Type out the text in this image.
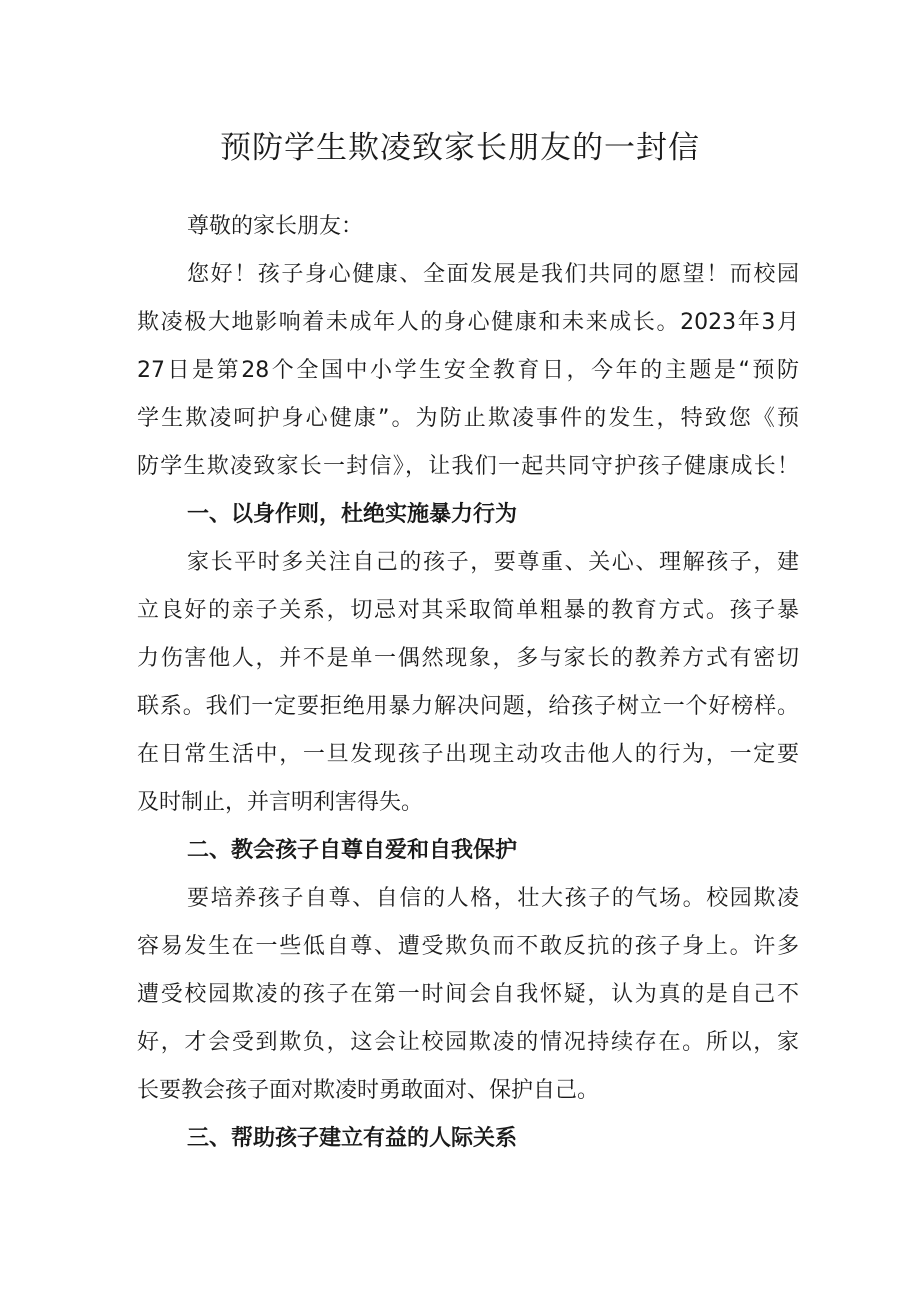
预防学生欺凌致家长朋友的一封信
尊敬的家长朋友：
您好！孩子身心健康、全面发展是我们共同的愿望！而校园
欺凌极大地影响着未成年人的身心健康和未来成长。2023年3月
27日是第28个全国中小学生安全教育日，今年的主题是“预防
学生欺凌呵护身心健康”。为防止欺凌事件的发生，特致您《预
防学生欺凌致家长一封信》，让我们一起共同守护孩子健康成长！
一、以身作则，杜绝实施暴力行为
家长平时多关注自己的孩子，要尊重、关心、理解孩子，建
立良好的亲子关系，切忌对其采取简单粗暴的教育方式。孩子暴
力伤害他人，并不是单一偶然现象，多与家长的教养方式有密切
联系。我们一定要拒绝用暴力解决问题，给孩子树立一个好榜样。
在日常生活中，一旦发现孩子出现主动攻击他人的行为，一定要
及时制止，并言明利害得失。
二、教会孩子自尊自爱和自我保护
要培养孩子自尊、自信的人格，壮大孩子的气场。校园欺凌
容易发生在一些低自尊、遭受欺负而不敢反抗的孩子身上。许多
遭受校园欺凌的孩子在第一时间会自我怀疑，认为真的是自己不
好，才会受到欺负，这会让校园欺凌的情况持续存在。所以，家
长要教会孩子面对欺凌时勇敢面对、保护自己。
三、帮助孩子建立有益的人际关系
